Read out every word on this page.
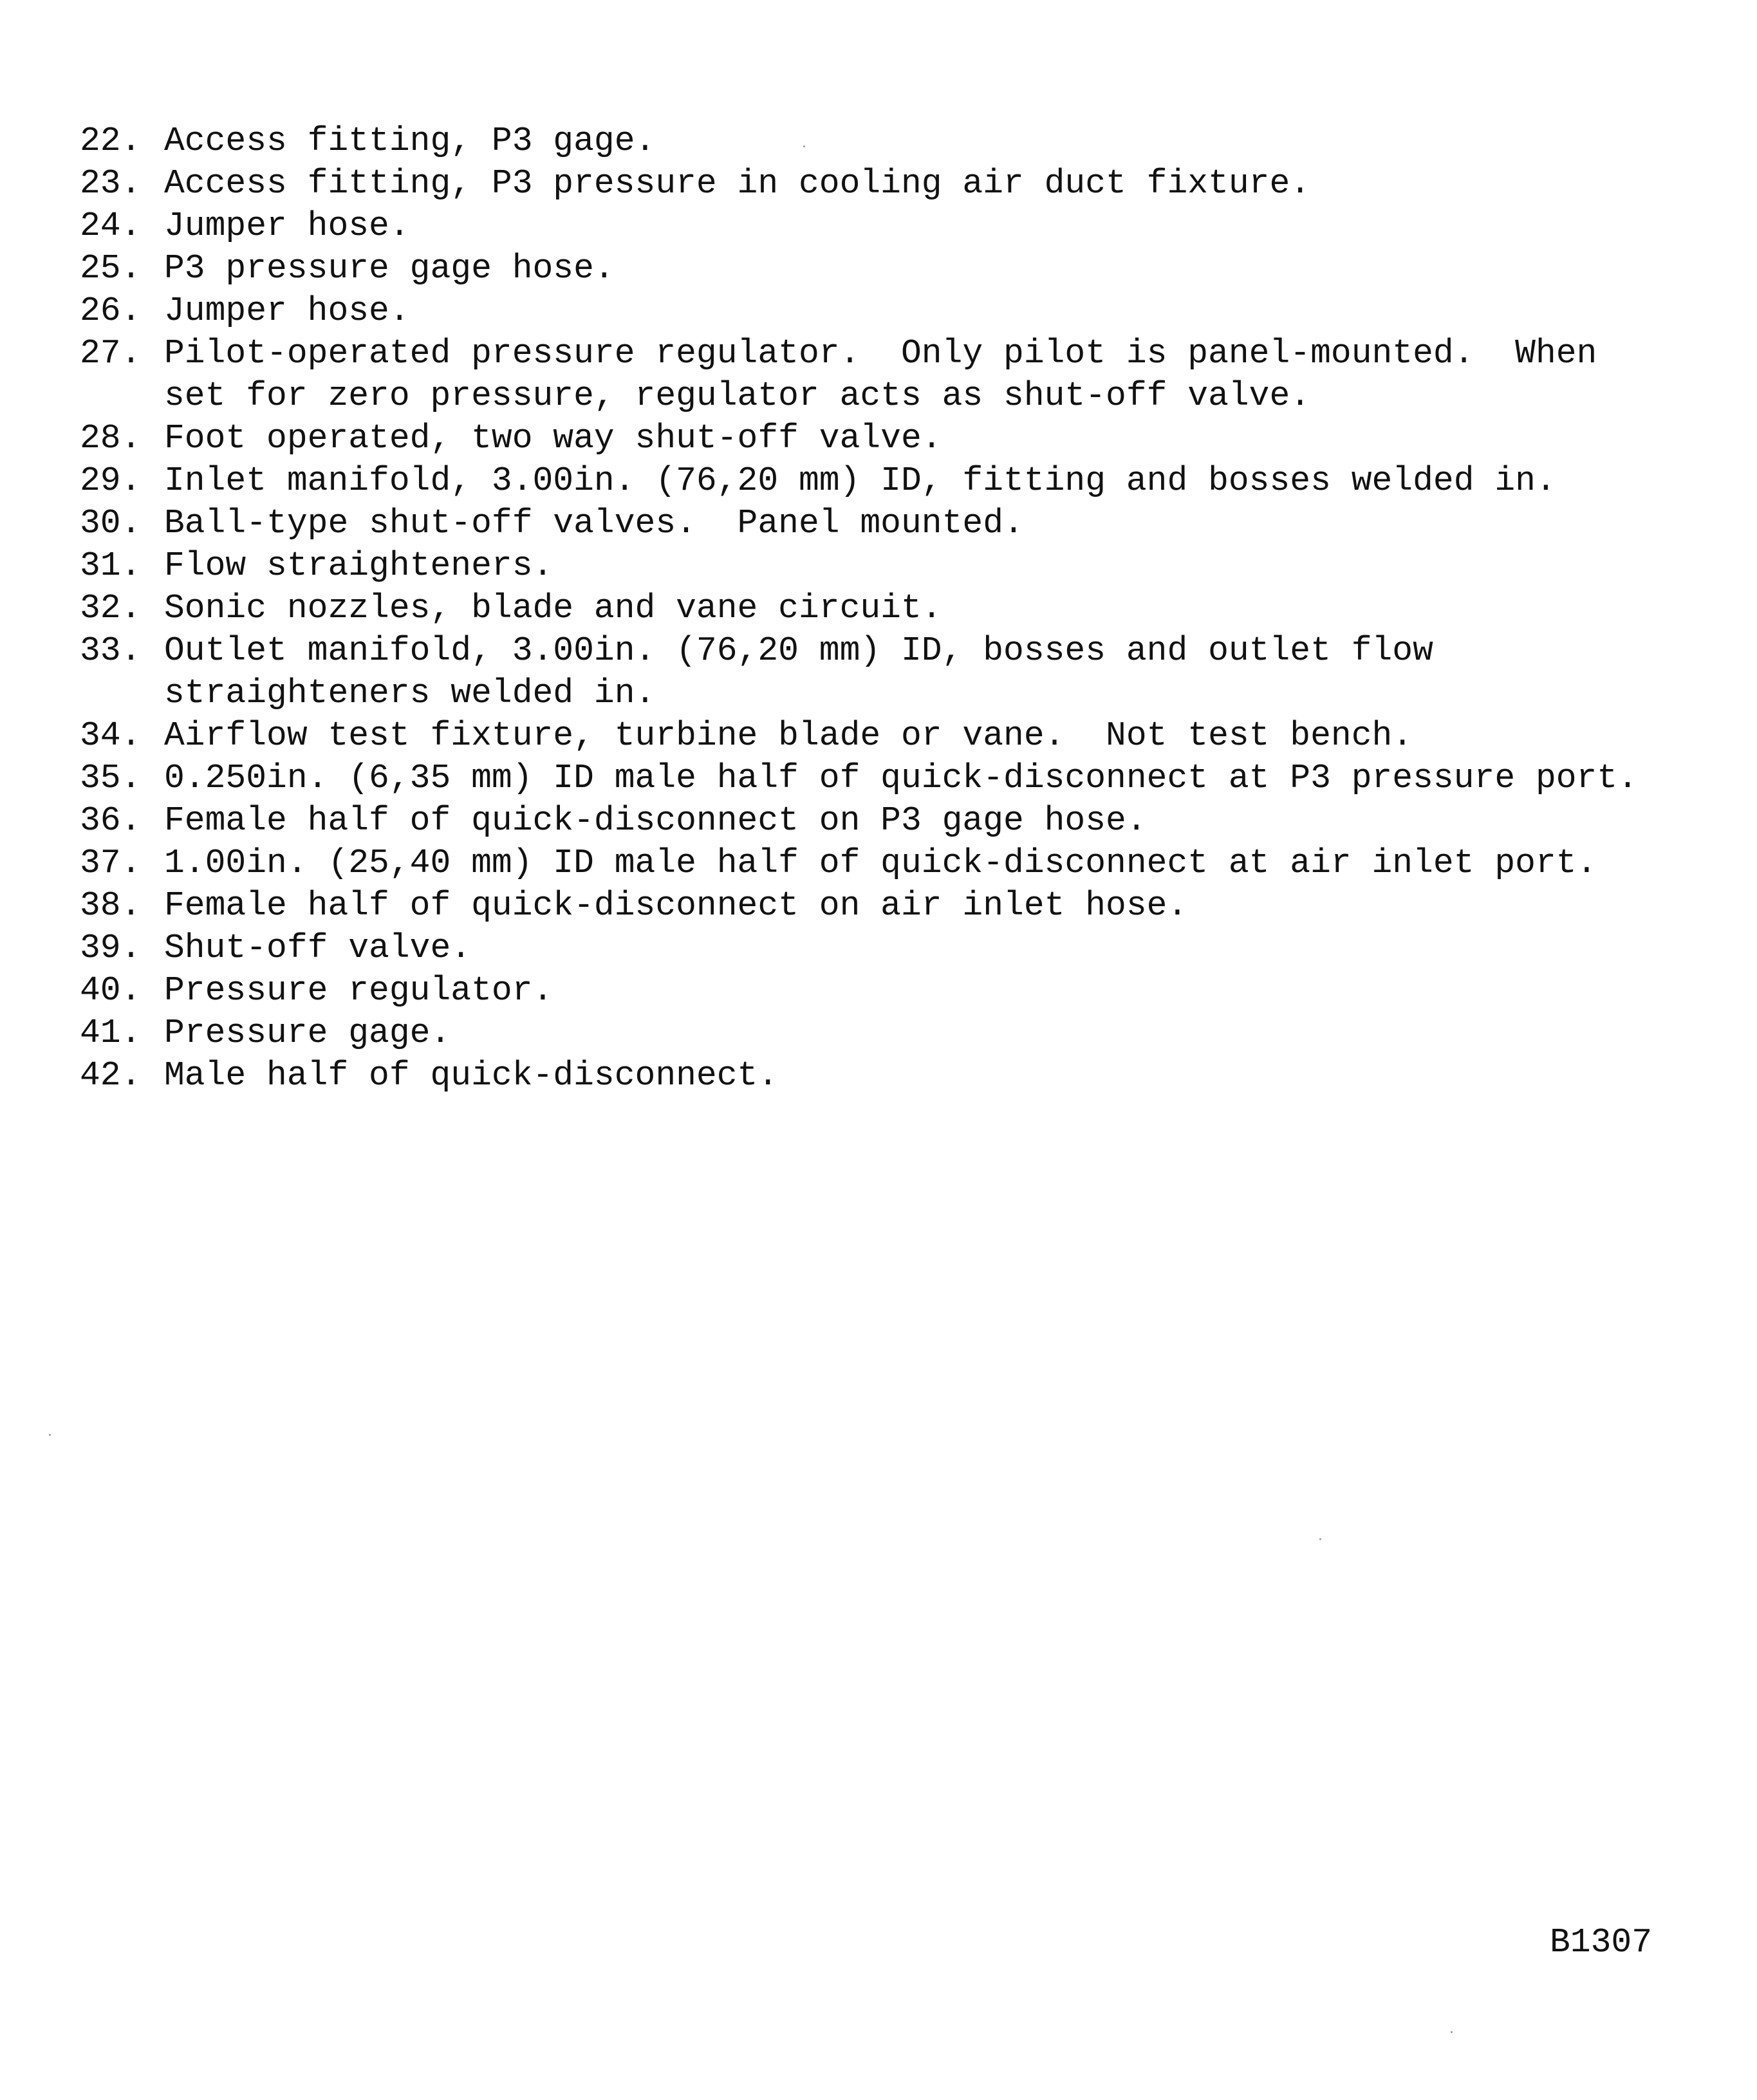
22. Access fitting, P3 gage.
23. Access fitting, P3 pressure in cooling air duct fixture.
24. Jumper hose.
25. P3 pressure gage hose.
26. Jumper hose.
27. Pilot-operated pressure regulator.  Only pilot is panel-mounted.  When
set for zero pressure, regulator acts as shut-off valve.
28. Foot operated, two way shut-off valve.
29. Inlet manifold, 3.00in. (76,20 mm) ID, fitting and bosses welded in.
30. Ball-type shut-off valves.  Panel mounted.
31. Flow straighteners.
32. Sonic nozzles, blade and vane circuit.
33. Outlet manifold, 3.00in. (76,20 mm) ID, bosses and outlet flow
straighteners welded in.
34. Airflow test fixture, turbine blade or vane.  Not test bench.
35. 0.250in. (6,35 mm) ID male half of quick-disconnect at P3 pressure port.
36. Female half of quick-disconnect on P3 gage hose.
37. 1.00in. (25,40 mm) ID male half of quick-disconnect at air inlet port.
38. Female half of quick-disconnect on air inlet hose.
39. Shut-off valve.
40. Pressure regulator.
41. Pressure gage.
42. Male half of quick-disconnect.
B1307
